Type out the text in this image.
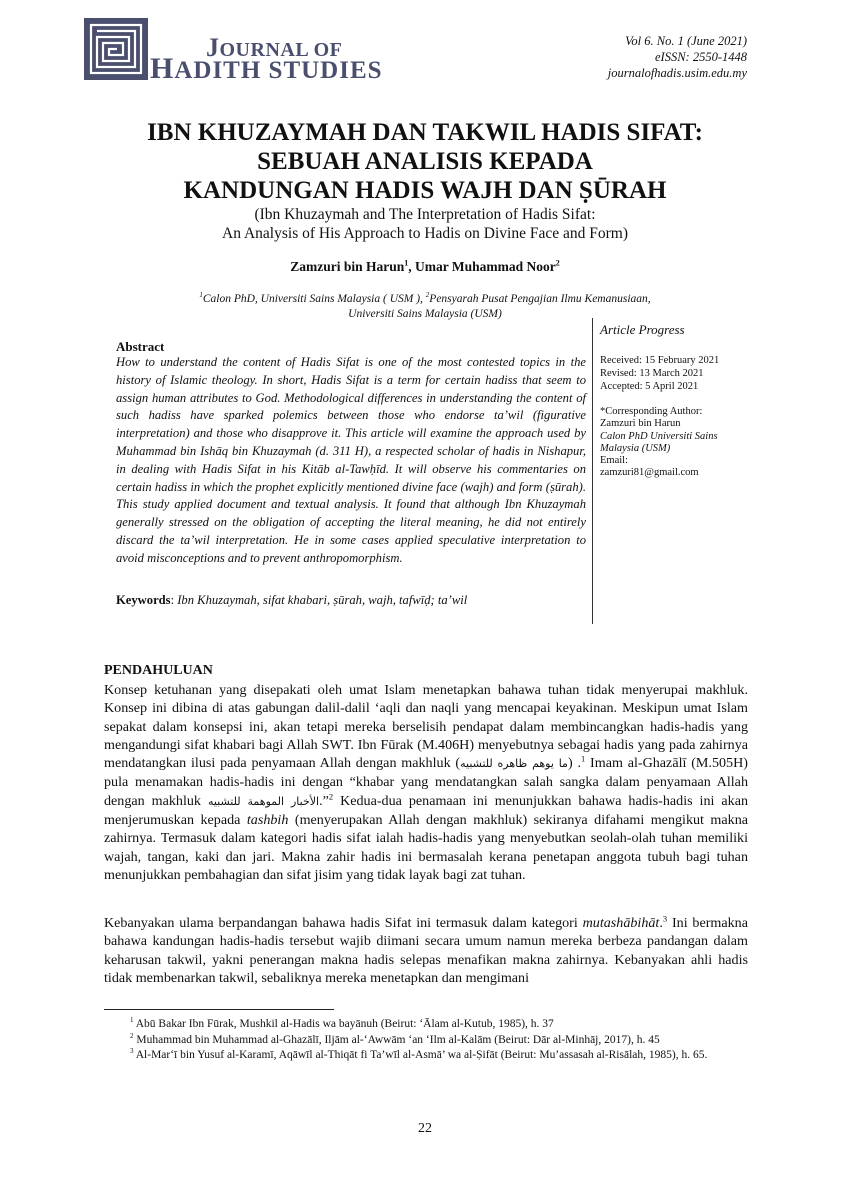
JOURNAL OF
HADITH STUDIES
Vol 6. No. 1 (June 2021)
eISSN: 2550-1448
journalofhadis.usim.edu.my
IBN KHUZAYMAH DAN TAKWIL HADIS SIFAT:
SEBUAH ANALISIS KEPADA
KANDUNGAN HADIS WAJH DAN ṢŪRAH
(Ibn Khuzaymah and The Interpretation of Hadis Sifat:
An Analysis of His Approach to Hadis on Divine Face and Form)
Zamzuri bin Harun$^1$, Umar Muhammad Noor$^2$
$^1$Calon PhD, Universiti Sains Malaysia ( USM ), $^2$Pensyarah Pusat Pengajian Ilmu Kemanusiaan,
Universiti Sains Malaysia (USM)
Abstract
How to understand the content of Hadis Sifat is one of the most contested topics in the history of Islamic theology. In short, Hadis Sifat is a term for certain hadiss that seem to assign human attributes to God. Methodological differences in understanding the content of such hadiss have sparked polemics between those who endorse ta’wil (figurative interpretation) and those who disapprove it. This article will examine the approach used by Muhammad bin Ishāq bin Khuzaymah (d. 311 H), a respected scholar of hadis in Nishapur, in dealing with Hadis Sifat in his Kitāb al-Tawḥīd. It will observe his commentaries on certain hadiss in which the prophet explicitly mentioned divine face (wajh) and form (ṣūrah). This study applied document and textual analysis. It found that although Ibn Khuzaymah generally stressed on the obligation of accepting the literal meaning, he did not entirely discard the ta’wil interpretation. He in some cases applied speculative interpretation to avoid misconceptions and to prevent anthropomorphism.
Keywords: Ibn Khuzaymah, sifat khabari, ṣūrah, wajh, tafwīḍ; ta’wil
Article Progress
Received: 15 February 2021
Revised: 13 March 2021
Accepted: 5 April 2021
*Corresponding Author:
Zamzuri bin Harun
Calon PhD Universiti Sains
Malaysia (USM)
Email:
zamzuri81@gmail.com
PENDAHULUAN
Konsep ketuhanan yang disepakati oleh umat Islam menetapkan bahawa tuhan tidak menyerupai makhluk. Konsep ini dibina di atas gabungan dalil-dalil ‘aqli dan naqli yang mencapai keyakinan. Meskipun umat Islam sepakat dalam konsepsi ini, akan tetapi mereka berselisih pendapat dalam membincangkan hadis-hadis yang mengandungi sifat khabari bagi Allah SWT. Ibn Fūrak (M.406H) menyebutnya sebagai hadis yang pada zahirnya mendatangkan ilusi pada penyamaan Allah dengan makhluk (ما يوهم ظاهره للتشبيه) .$^1$ Imam al-Ghazālī (M.505H) pula menamakan hadis-hadis ini dengan “khabar yang mendatangkan salah sangka dalam penyamaan Allah dengan makhluk الأخبار الموهمة للتشبيه.”$^2$ Kedua-dua penamaan ini menunjukkan bahawa hadis-hadis ini akan menjerumuskan kepada tashbih (menyerupakan Allah dengan makhluk) sekiranya difahami mengikut makna zahirnya. Termasuk dalam kategori hadis sifat ialah hadis-hadis yang menyebutkan seolah-olah tuhan memiliki wajah, tangan, kaki dan jari. Makna zahir hadis ini bermasalah kerana penetapan anggota tubuh bagi tuhan menunjukkan pembahagian dan sifat jisim yang tidak layak bagi zat tuhan.
Kebanyakan ulama berpandangan bahawa hadis Sifat ini termasuk dalam kategori mutashābihāt.$^3$ Ini bermakna bahawa kandungan hadis-hadis tersebut wajib diimani secara umum namun mereka berbeza pandangan dalam keharusan takwil, yakni penerangan makna hadis selepas menafikan makna zahirnya. Kebanyakan ahli hadis tidak membenarkan takwil, sebaliknya mereka menetapkan dan mengimani

$^1$ Abū Bakar Ibn Fūrak, Mushkil al-Hadis wa bayānuh (Beirut: ‘Ālam al-Kutub, 1985), h. 37

$^2$ Muhammad bin Muhammad al-Ghazālī, Iljām al-‘Awwām ‘an ‘Ilm al-Kalām (Beirut: Dār al-Minhāj, 2017), h. 45

$^3$ Al-Mar‘ī bin Yusuf al-Karamī, Aqāwīl al-Thiqāt fi Ta’wīl al-Asmā’ wa al-Ṣifāt (Beirut: Mu’assasah al-Risālah, 1985), h. 65.

22
